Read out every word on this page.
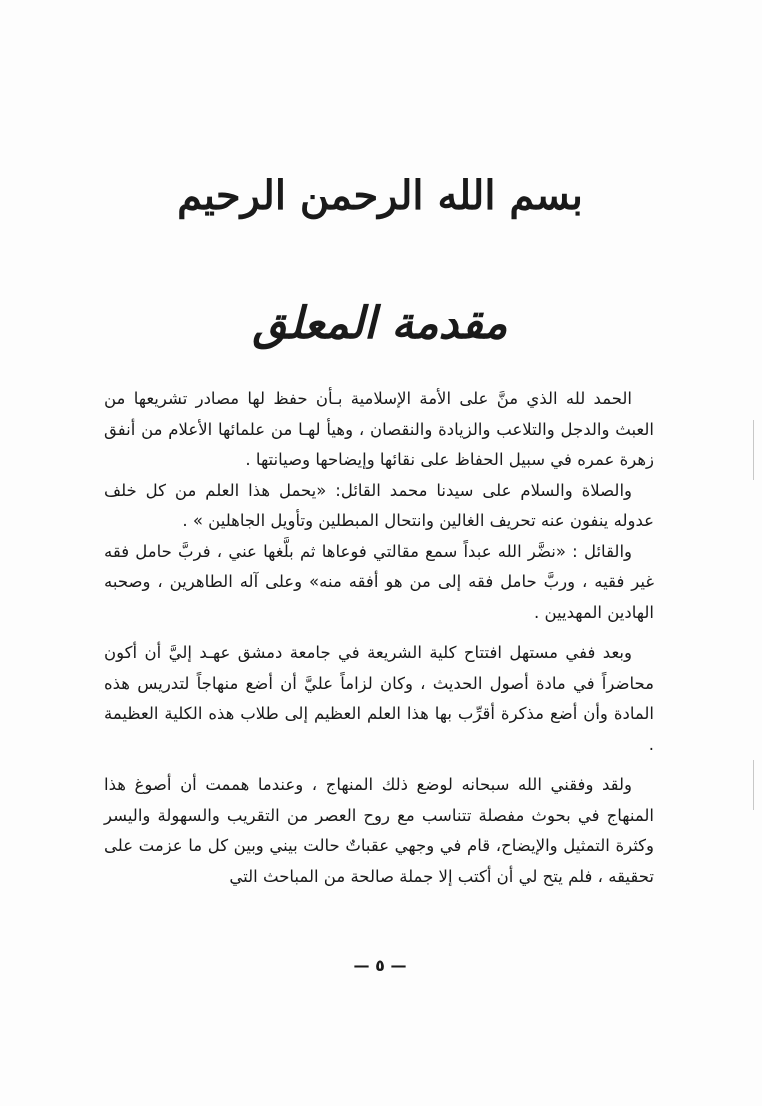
بسم الله الرحمن الرحيم
مقدمة المعلق

الحمد لله الذي منَّ على الأمة الإسلامية بـأن حفظ لها مصادر تشريعها من العبث والدجل والتلاعب والزيادة والنقصان ، وهيأ لهـا من علمائها الأعلام من أنفق زهرة عمره في سبيل الحفاظ على نقائها وإيضاحها وصيانتها .

والصلاة والسلام على سيدنا محمد القائل: «يحمل هذا العلم من كل خلف عدوله ينفون عنه تحريف الغالين وانتحال المبطلين وتأويل الجاهلين » .

والقائل : «نضَّر الله عبداً سمع مقالتي فوعاها ثم بلَّغها عني ، فربَّ حامل فقه غير فقيه ، وربَّ حامل فقه إلى من هو أفقه منه» وعلى آله الطاهرين ، وصحبه الهادين المهديين .

وبعد ففي مستهل افتتاح كلية الشريعة في جامعة دمشق عهـد إليَّ أن أكون محاضراً في مادة أصول الحديث ، وكان لزاماً عليَّ أن أضع منهاجاً لتدريس هذه المادة وأن أضع مذكرة أقرِّب بها هذا العلم العظيم إلى طلاب هذه الكلية العظيمة .

ولقد وفقني الله سبحانه لوضع ذلك المنهاج ، وعندما هممت أن أصوغ هذا المنهاج في بحوث مفصلة تتناسب مع روح العصر من التقريب والسهولة واليسر وكثرة التمثيل والإيضاح، قام في وجهي عقباتٌ حالت بيني وبين كل ما عزمت على تحقيقه ، فلم يتح لي أن أكتب إلا جملة صالحة من المباحث التي

— ٥ —
